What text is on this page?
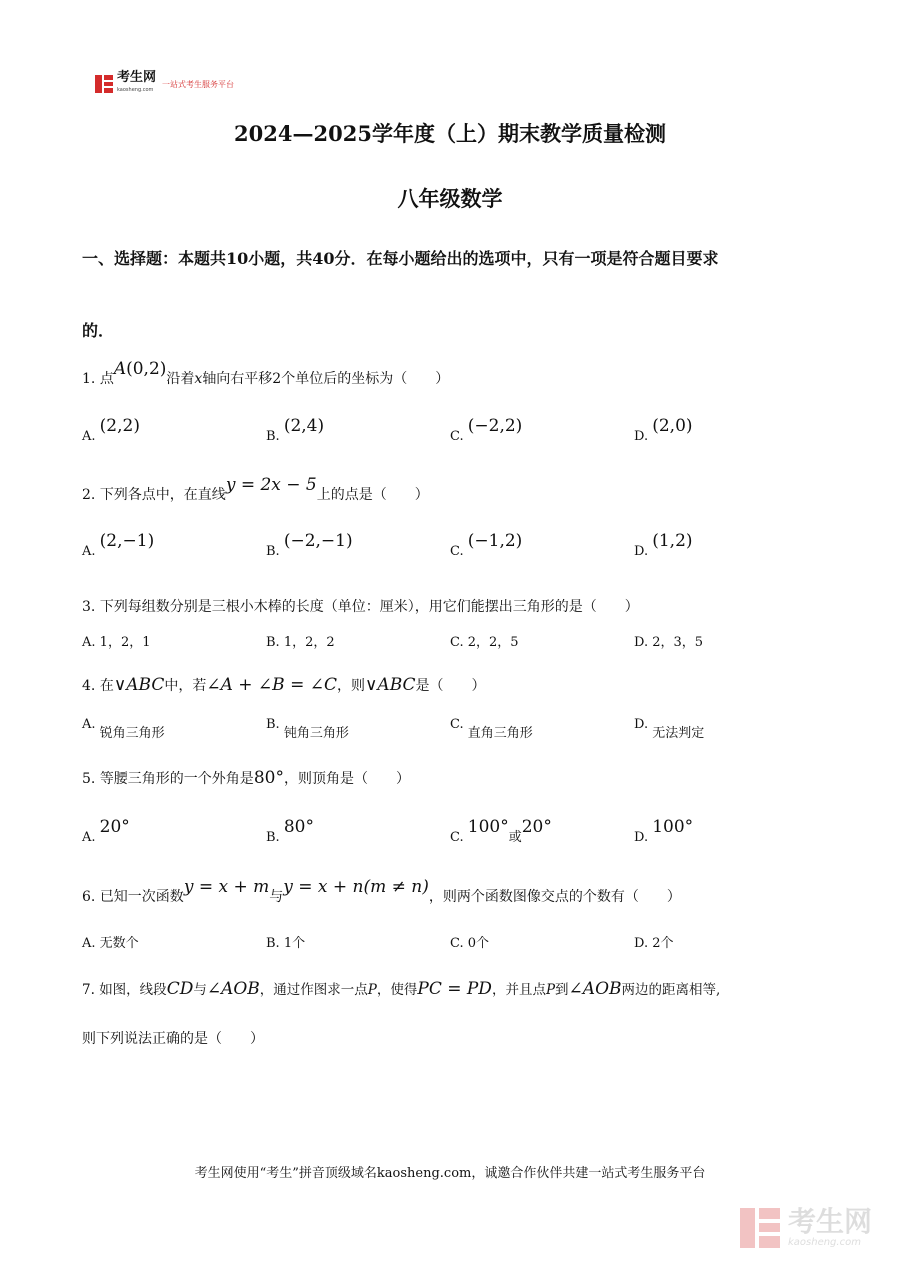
考生网
kaosheng.com
一站式考生服务平台
2024—2025学年度（上）期末教学质量检测
八年级数学
一、选择题：本题共10小题，共40分．在每小题给出的选项中，只有一项是符合题目要求
的．
1. 点A(0,2)沿着x轴向右平移2个单位后的坐标为（　　）
A. (2,2)
B. (2,4)
C. (−2,2)
D. (2,0)
2. 下列各点中，在直线y = 2x − 5上的点是（　　）
A. (2,−1)
B. (−2,−1)
C. (−1,2)
D. (1,2)
3. 下列每组数分别是三根小木棒的长度（单位：厘米），用它们能摆出三角形的是（　　）
A. 1，2，1	B. 1，2，2	C. 2，2，5	D. 2，3，5
4. 在∨ABC中，若∠A + ∠B = ∠C，则∨ABC是（　　）
A. 锐角三角形
B. 钝角三角形
C. 直角三角形
D. 无法判定
5. 等腰三角形的一个外角是80°，则顶角是（　　）
A. 20°
B. 80°
C. 100°或20°
D. 100°
6. 已知一次函数y = x + m与y = x + n(m ≠ n)，则两个函数图像交点的个数有（　　）
A. 无数个	B. 1个	C. 0个	D. 2个
7. 如图，线段CD与∠AOB，通过作图求一点P，使得PC = PD，并且点P到∠AOB两边的距离相等,
则下列说法正确的是（　　）
考生网使用“考生”拼音顶级域名kaosheng.com，诚邀合作伙伴共建一站式考生服务平台
考生网
kaosheng.com
